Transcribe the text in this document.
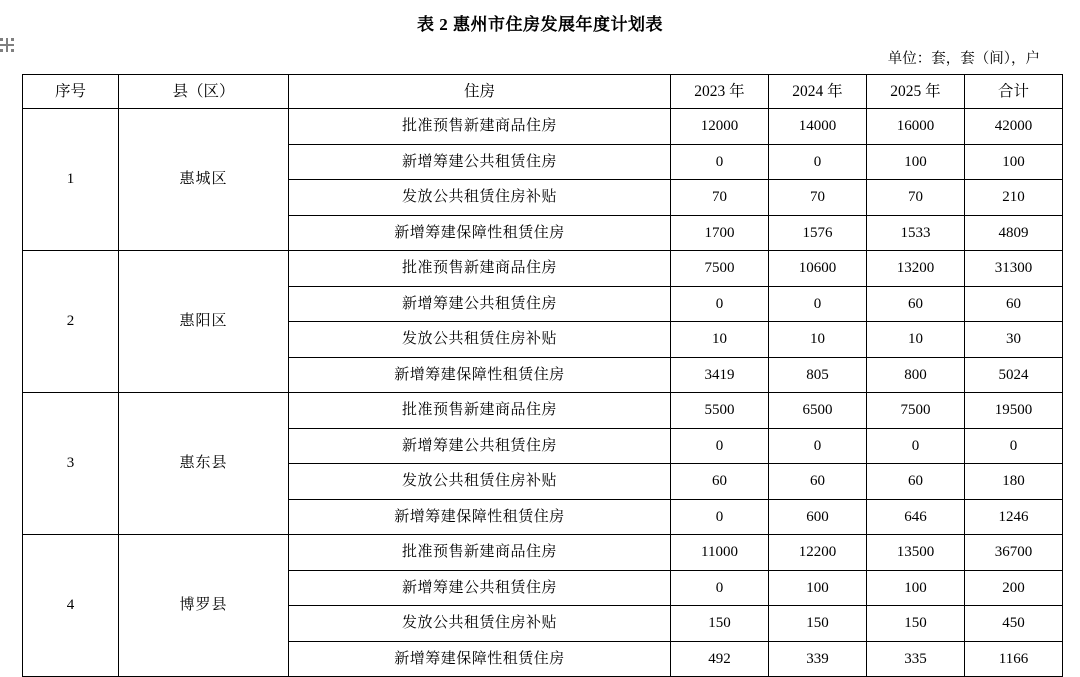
表 2 惠州市住房发展年度计划表
单位：套，套（间），户
序号	县（区）	住房	2023 年	2024 年	2025 年	合计
1	惠城区	批准预售新建商品住房	12000	14000	16000	42000
		新增筹建公共租赁住房	0	0	100	100
		发放公共租赁住房补贴	70	70	70	210
		新增筹建保障性租赁住房	1700	1576	1533	4809
2	惠阳区	批准预售新建商品住房	7500	10600	13200	31300
		新增筹建公共租赁住房	0	0	60	60
		发放公共租赁住房补贴	10	10	10	30
		新增筹建保障性租赁住房	3419	805	800	5024
3	惠东县	批准预售新建商品住房	5500	6500	7500	19500
		新增筹建公共租赁住房	0	0	0	0
		发放公共租赁住房补贴	60	60	60	180
		新增筹建保障性租赁住房	0	600	646	1246
4	博罗县	批准预售新建商品住房	11000	12200	13500	36700
		新增筹建公共租赁住房	0	100	100	200
		发放公共租赁住房补贴	150	150	150	450
		新增筹建保障性租赁住房	492	339	335	1166
